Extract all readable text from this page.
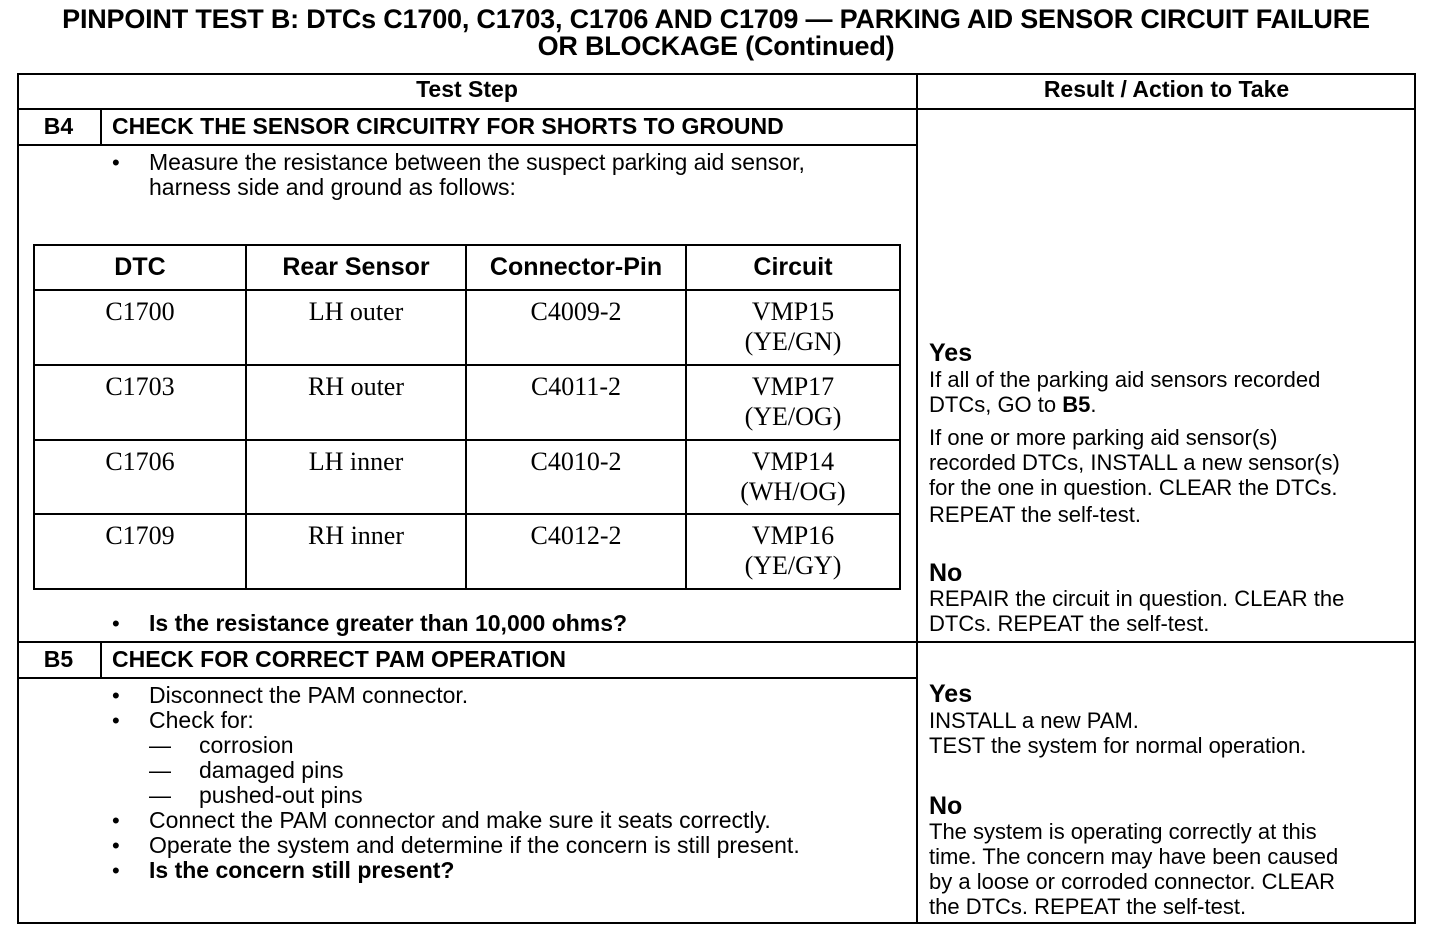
PINPOINT TEST B: DTCs C1700, C1703, C1706 AND C1709 — PARKING AID SENSOR CIRCUIT FAILURE
OR BLOCKAGE (Continued)
Test Step	Result / Action to Take
B4	CHECK THE SENSOR CIRCUITRY FOR SHORTS TO GROUND
• Measure the resistance between the suspect parking aid sensor,
harness side and ground as follows:
DTC	Rear Sensor	Connector-Pin	Circuit
C1700	LH outer	C4009-2	VMP15
(YE/GN)

C1703	RH outer	C4011-2	VMP17
(YE/OG)

C1706	LH inner	C4010-2	VMP14
(WH/OG)

C1709	RH inner	C4012-2	VMP16
(YE/GY)
• Is the resistance greater than 10,000 ohms?
Yes
If all of the parking aid sensors recorded
DTCs, GO to B5.
If one or more parking aid sensor(s)
recorded DTCs, INSTALL a new sensor(s)
for the one in question. CLEAR the DTCs.
REPEAT the self-test.
No
REPAIR the circuit in question. CLEAR the
DTCs. REPEAT the self-test.
B5	CHECK FOR CORRECT PAM OPERATION
• Disconnect the PAM connector.
• Check for:
— corrosion
— damaged pins
— pushed-out pins
• Connect the PAM connector and make sure it seats correctly.
• Operate the system and determine if the concern is still present.
• Is the concern still present?
Yes
INSTALL a new PAM.
TEST the system for normal operation.
No
The system is operating correctly at this
time. The concern may have been caused
by a loose or corroded connector. CLEAR
the DTCs. REPEAT the self-test.
